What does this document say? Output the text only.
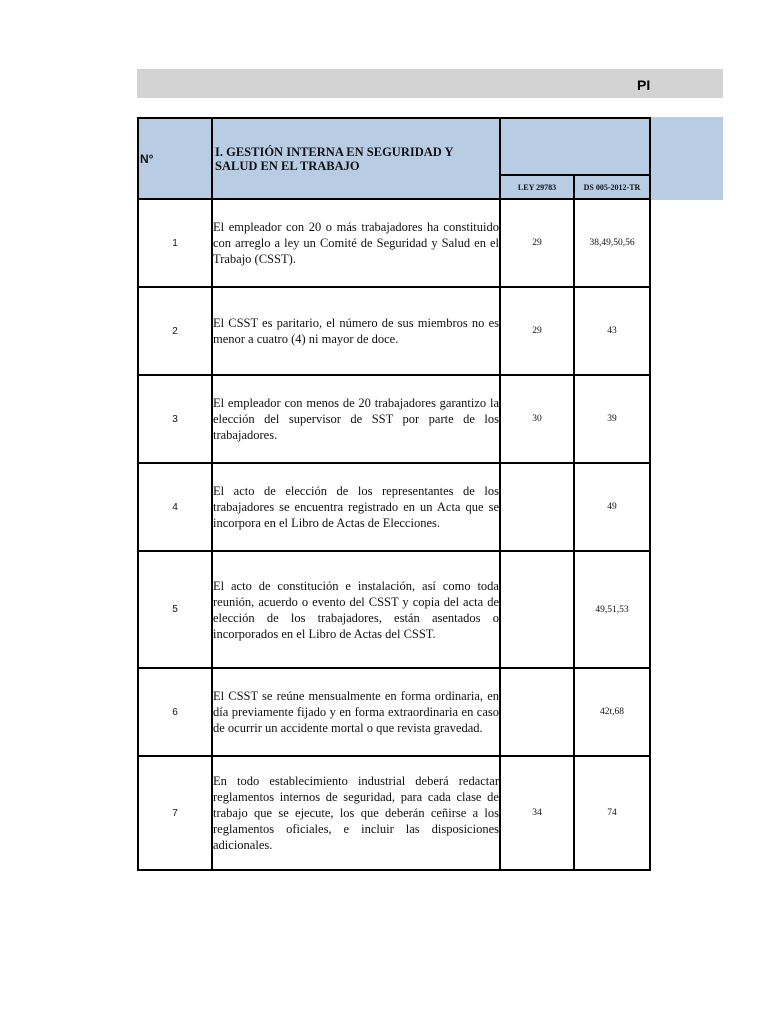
PI
N°	I. GESTIÓN INTERNA EN SEGURIDAD Y SALUD EN EL TRABAJO		
		LEY 29783	DS 005-2012-TR
1	El empleador con 20 o más trabajadores ha constituido con arreglo a ley un Comité de Seguridad y Salud en el Trabajo (CSST).	29	38,49,50,56
2	El CSST es paritario, el número de sus miembros no es menor a cuatro (4) ni mayor de doce.	29	43
3	El empleador con menos de 20 trabajadores garantizo la elección del supervisor de SST por parte de los trabajadores.	30	39
4	El acto de elección de los representantes de los trabajadores se encuentra registrado en un Acta que se incorpora en el Libro de Actas de Elecciones.		49
5	El acto de constitución e instalación, así como toda reunión, acuerdo o evento del CSST y copia del acta de elección de los trabajadores, están asentados o incorporados en el Libro de Actas del CSST.		49,51,53
6	El CSST se reúne mensualmente en forma ordinaria, en día previamente fijado y en forma extraordinaria en caso de ocurrir un accidente mortal o que revista gravedad.		42t,68
7	En todo establecimiento industrial deberá redactar reglamentos internos de seguridad, para cada clase de trabajo que se ejecute, los que deberán ceñirse a los reglamentos oficiales, e incluir las disposiciones adicionales.	34	74
